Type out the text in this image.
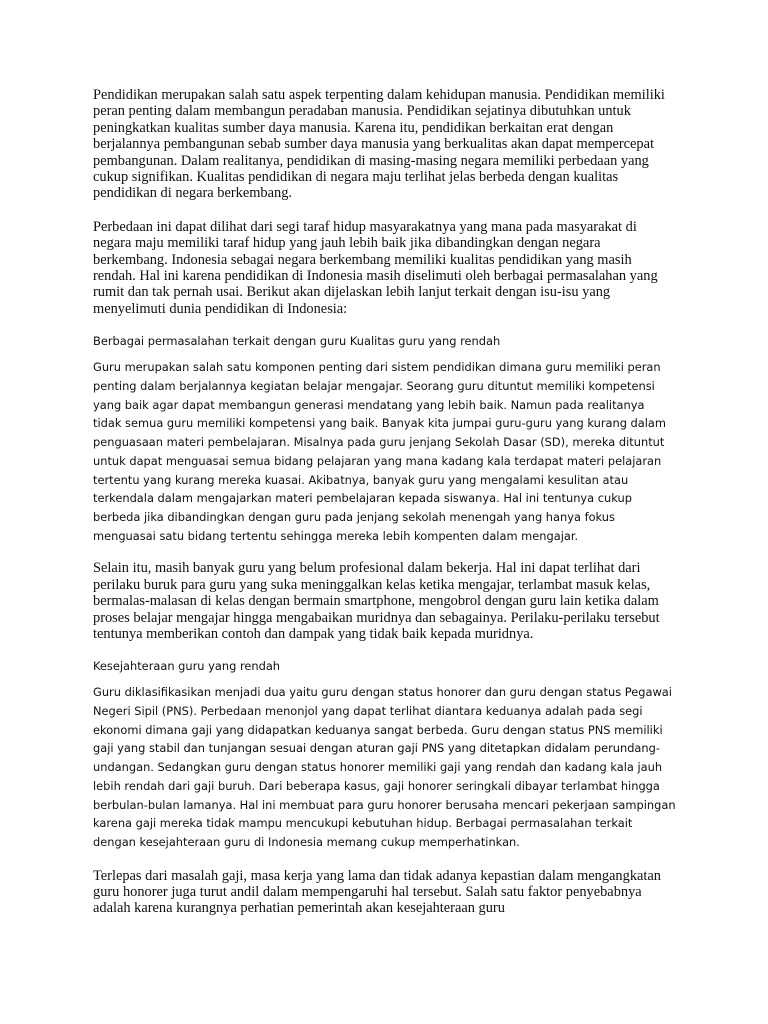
Pendidikan merupakan salah satu aspek terpenting dalam kehidupan manusia. Pendidikan memiliki peran penting dalam membangun peradaban manusia. Pendidikan sejatinya dibutuhkan untuk peningkatkan kualitas sumber daya manusia. Karena itu, pendidikan berkaitan erat dengan berjalannya pembangunan sebab sumber daya manusia yang berkualitas akan dapat mempercepat pembangunan. Dalam realitanya, pendidikan di masing-masing negara memiliki perbedaan yang cukup signifikan. Kualitas pendidikan di negara maju terlihat jelas berbeda dengan kualitas pendidikan di negara berkembang.

Perbedaan ini dapat dilihat dari segi taraf hidup masyarakatnya yang mana pada masyarakat di negara maju memiliki taraf hidup yang jauh lebih baik jika dibandingkan dengan negara berkembang. Indonesia sebagai negara berkembang memiliki kualitas pendidikan yang masih rendah. Hal ini karena pendidikan di Indonesia masih diselimuti oleh berbagai permasalahan yang rumit dan tak pernah usai. Berikut akan dijelaskan lebih lanjut terkait dengan isu-isu yang menyelimuti dunia pendidikan di Indonesia:

Berbagai permasalahan terkait dengan guru Kualitas guru yang rendah

Guru merupakan salah satu komponen penting dari sistem pendidikan dimana guru memiliki peran penting dalam berjalannya kegiatan belajar mengajar. Seorang guru dituntut memiliki kompetensi yang baik agar dapat membangun generasi mendatang yang lebih baik. Namun pada realitanya tidak semua guru memiliki kompetensi yang baik. Banyak kita jumpai guru-guru yang kurang dalam penguasaan materi pembelajaran. Misalnya pada guru jenjang Sekolah Dasar (SD), mereka dituntut untuk dapat menguasai semua bidang pelajaran yang mana kadang kala terdapat materi pelajaran tertentu yang kurang mereka kuasai. Akibatnya, banyak guru yang mengalami kesulitan atau terkendala dalam mengajarkan materi pembelajaran kepada siswanya. Hal ini tentunya cukup berbeda jika dibandingkan dengan guru pada jenjang sekolah menengah yang hanya fokus menguasai satu bidang tertentu sehingga mereka lebih kompenten dalam mengajar.

Selain itu, masih banyak guru yang belum profesional dalam bekerja. Hal ini dapat terlihat dari perilaku buruk para guru yang suka meninggalkan kelas ketika mengajar, terlambat masuk kelas, bermalas-malasan di kelas dengan bermain smartphone, mengobrol dengan guru lain ketika dalam proses belajar mengajar hingga mengabaikan muridnya dan sebagainya. Perilaku-perilaku tersebut tentunya memberikan contoh dan dampak yang tidak baik kepada muridnya.

Kesejahteraan guru yang rendah

Guru diklasifikasikan menjadi dua yaitu guru dengan status honorer dan guru dengan status Pegawai Negeri Sipil (PNS). Perbedaan menonjol yang dapat terlihat diantara keduanya adalah pada segi ekonomi dimana gaji yang didapatkan keduanya sangat berbeda. Guru dengan status PNS memiliki gaji yang stabil dan tunjangan sesuai dengan aturan gaji PNS yang ditetapkan didalam perundang-undangan. Sedangkan guru dengan status honorer memiliki gaji yang rendah dan kadang kala jauh lebih rendah dari gaji buruh. Dari beberapa kasus, gaji honorer seringkali dibayar terlambat hingga berbulan-bulan lamanya. Hal ini membuat para guru honorer berusaha mencari pekerjaan sampingan karena gaji mereka tidak mampu mencukupi kebutuhan hidup. Berbagai permasalahan terkait dengan kesejahteraan guru di Indonesia memang cukup memperhatinkan.

Terlepas dari masalah gaji, masa kerja yang lama dan tidak adanya kepastian dalam mengangkatan guru honorer juga turut andil dalam mempengaruhi hal tersebut. Salah satu faktor penyebabnya adalah karena kurangnya perhatian pemerintah akan kesejahteraan guru
